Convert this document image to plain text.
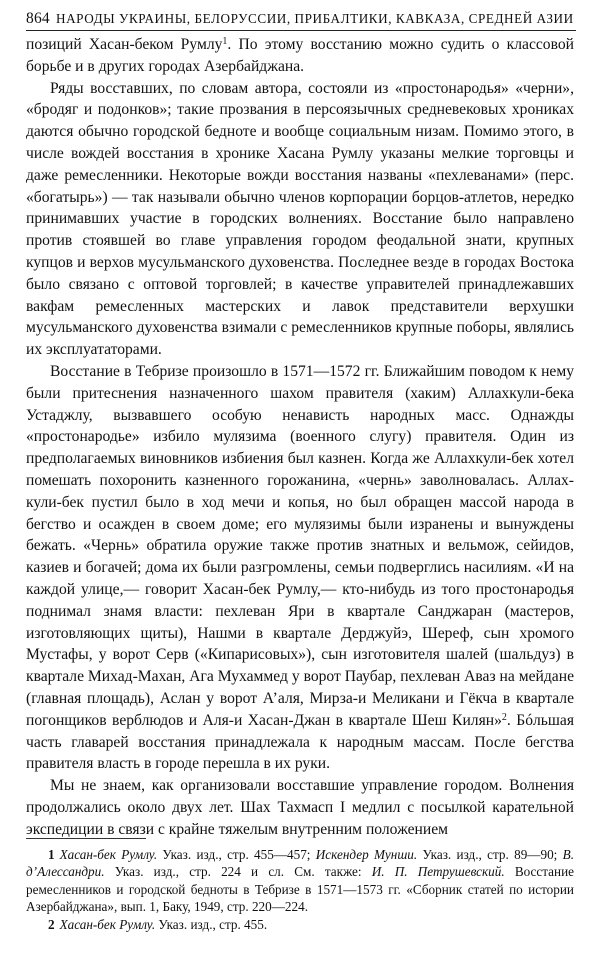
864 НАРОДЫ УКРАИНЫ, БЕЛОРУССИИ, ПРИБАЛТИКИ, КАВКАЗА, СРЕДНЕЙ АЗИИ

позиций Хасан-беком Румлу$^1$. По этому восстанию можно судить о классовой борьбе и в других городах Азербайджана.

Ряды восставших, по словам автора, состояли из «простонародья» «черни», «бродяг и подонков»; такие прозвания в персоязычных средневековых хрониках даются обычно городской бедноте и вообще социальным низам. Помимо этого, в числе вождей восстания в хронике Хасана Румлу указаны мелкие торговцы и даже ремесленники. Некоторые вожди восстания названы «пехлеванами» (перс. «богатырь») — так называли обычно членов корпорации борцов-атлетов, нередко принимавших участие в городских волнениях. Восстание было направлено против стоявшей во главе управления городом феодальной знати, крупных купцов и верхов мусульманского духовенства. Последнее везде в городах Востока было связано с оптовой торговлей; в качестве управителей принадлежавших вакфам ремесленных мастерских и лавок представители верхушки мусульманского духовенства взимали с ремесленников крупные поборы, являлись их эксплуататорами.

Восстание в Тебризе произошло в 1571—1572 гг. Ближайшим поводом к нему были притеснения назначенного шахом правителя (хаким) Аллахкули-бека Устаджлу, вызвавшего особую ненависть народных масс. Однажды «простонародье» избило мулязима (военного слугу) правителя. Один из предполагаемых виновников избиения был казнен. Когда же Аллахкули-бек хотел помешать похоронить казненного горожанина, «чернь» заволновалась. Аллах-кули-бек пустил было в ход мечи и копья, но был обращен массой народа в бегство и осажден в своем доме; его мулязимы были изранены и вынуждены бежать. «Чернь» обратила оружие также против знатных и вельмож, сейидов, казиев и богачей; дома их были разгромлены, семьи подверглись насилиям. «И на каждой улице,— говорит Хасан-бек Румлу,— кто-нибудь из того простонародья поднимал знамя власти: пехлеван Яри в квартале Санджаран (мастеров, изготовляющих щиты), Нашми в квартале Дерджуйэ, Шереф, сын хромого Мустафы, у ворот Серв («Кипарисовых»), сын изготовителя шалей (шальдуз) в квартале Михад-Махан, Ага Мухаммед у ворот Паубар, пехлеван Аваз на мейдане (главная площадь), Аслан у ворот А’аля, Мирза-и Меликани и Гёкча в квартале погонщиков верблюдов и Аля-и Хасан-Джан в квартале Шеш Килян»$^2$. Бóльшая часть главарей восстания принадлежала к народным массам. После бегства правителя власть в городе перешла в их руки.

Мы не знаем, как организовали восставшие управление городом. Волнения продолжались около двух лет. Шах Тахмасп I медлил с посылкой карательной экспедиции в связи с крайне тяжелым внутренним положением

1 Хасан-бек Румлу. Указ. изд., стр. 455—457; Искендер Мунши. Указ. изд., стр. 89—90; В. д’Алессандри. Указ. изд., стр. 224 и сл. См. также: И. П. Петрушевский. Восстание ремесленников и городской бедноты в Тебризе в 1571—1573 гг. «Сборник статей по истории Азербайджана», вып. 1, Баку, 1949, стр. 220—224.

2 Хасан-бек Румлу. Указ. изд., стр. 455.
